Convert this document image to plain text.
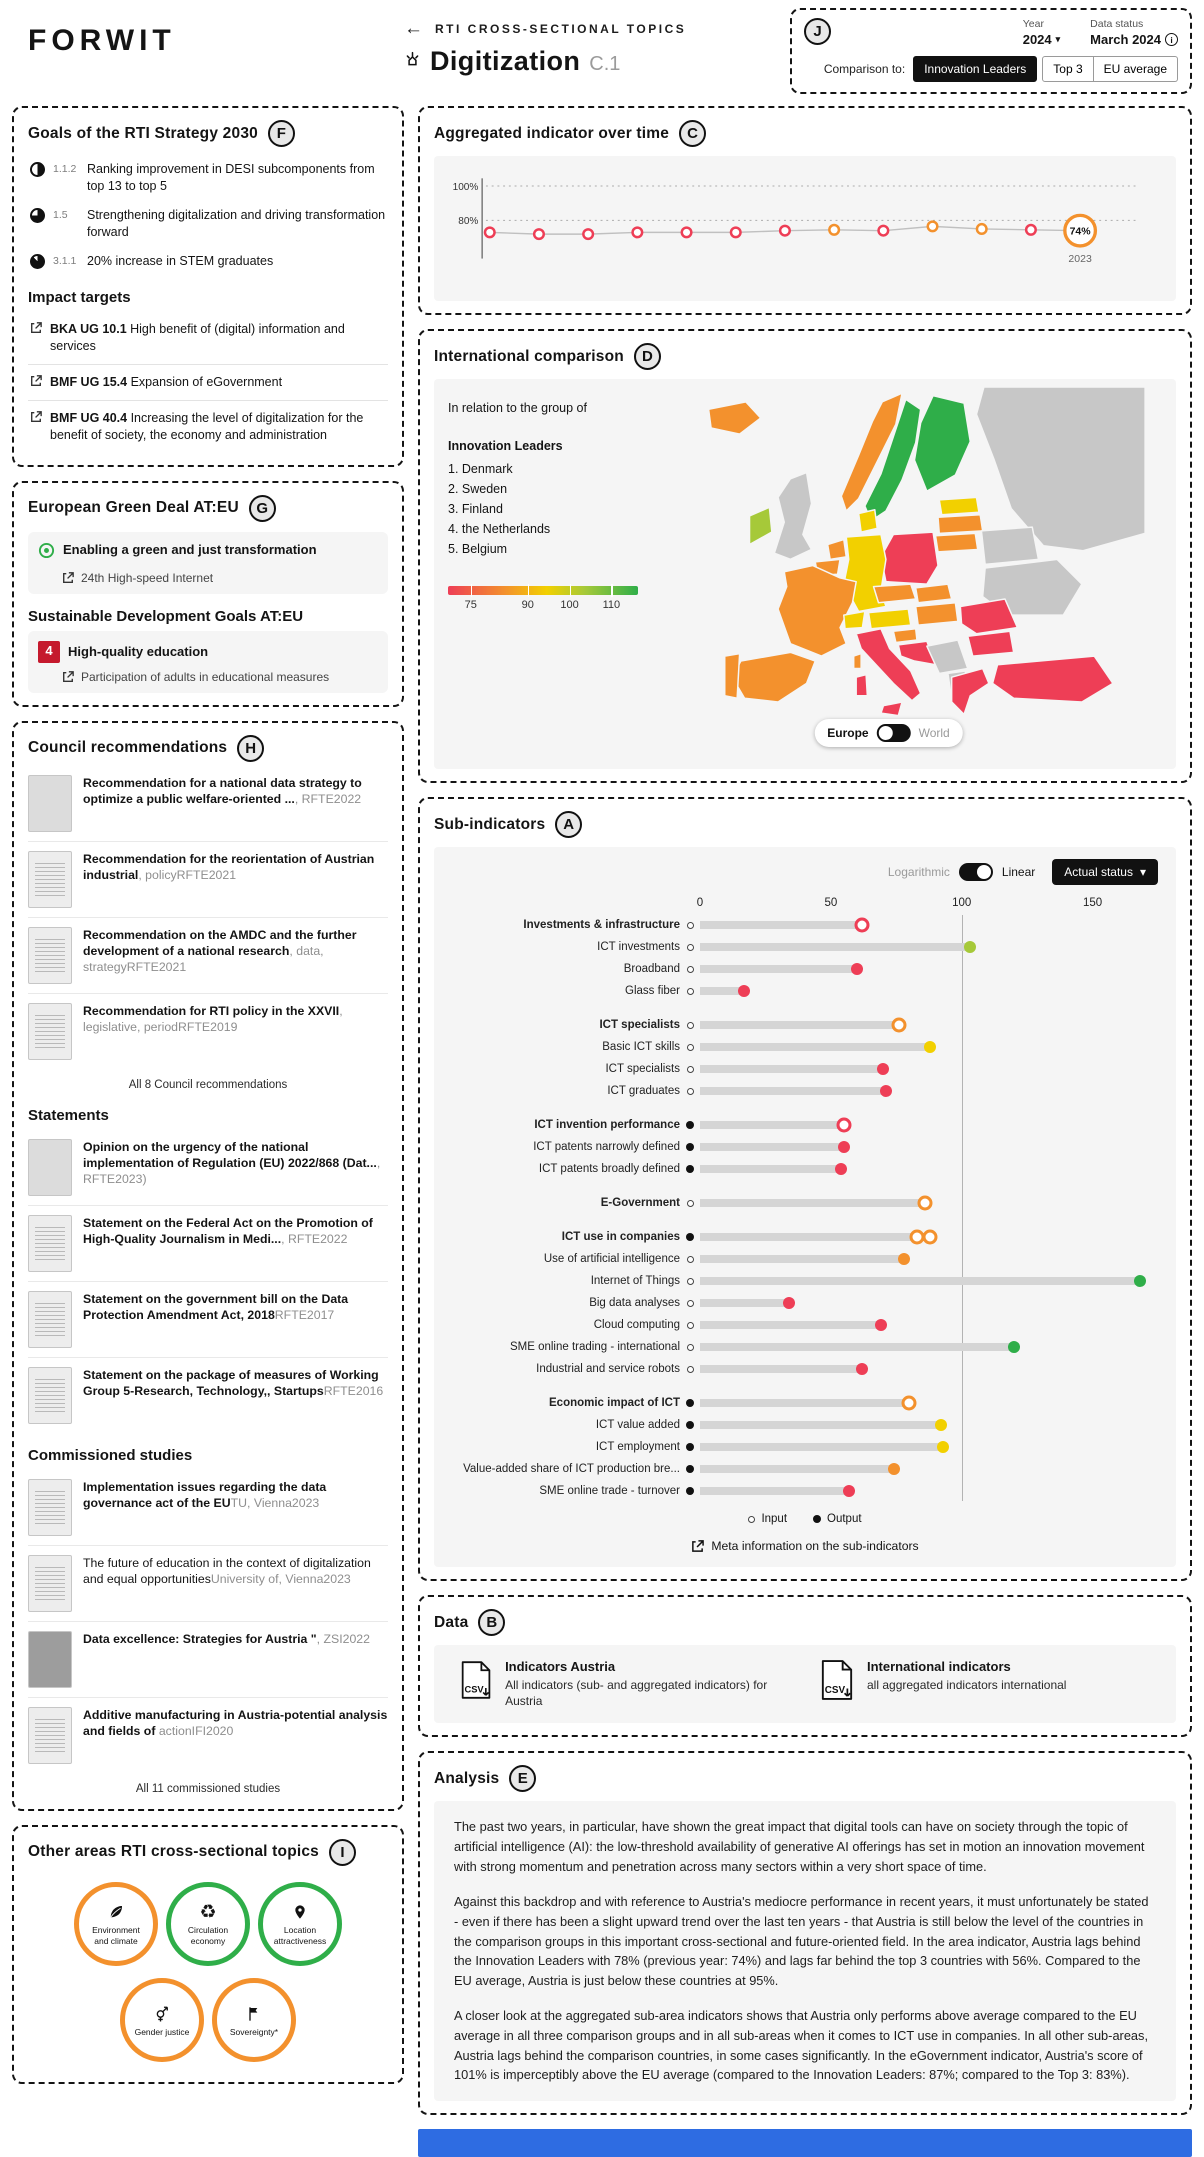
FORWIT	← RTI CROSS-SECTIONAL TOPICS
Digitization C.1
J	Year
2024 ▾
Data status
March 2024	i
Comparison to:	Innovation Leaders	Top 3	EU average
Goals of the RTI Strategy 2030	F
1.1.2 Ranking improvement in DESI subcomponents from top 13 to top 5
1.5	Strengthening digitalization and driving transformation forward
3.1.1 20% increase in STEM graduates
Impact targets
BKA UG 10.1 High benefit of (digital) information and services
BMF UG 15.4 Expansion of eGovernment
BMF UG 40.4 Increasing the level of digitalization for the benefit of society, the economy and administration
European Green Deal AT:EU	G
Enabling a green and just transformation
24th High-speed Internet
Sustainable Development Goals AT:EU
4	High-quality education
Participation of adults in educational measures
Council recommendations	H
Recommendation for a national data strategy to optimize a public welfare-oriented ..., RFTE2022
Recommendation for the reorientation of Austrian industrial, policyRFTE2021
Recommendation on the AMDC and the further development of a national research, data, strategyRFTE2021
Recommendation for RTI policy in the XXVII, legislative, periodRFTE2019
All 8 Council recommendations
Statements
Opinion on the urgency of the national implementation of Regulation (EU) 2022/868 (Dat..., RFTE2023)
Statement on the Federal Act on the Promotion of High-Quality Journalism in Medi..., RFTE2022
Statement on the government bill on the Data Protection Amendment Act, 2018RFTE2017
Statement on the package of measures of Working Group 5-Research, Technology,, StartupsRFTE2016
Commissioned studies
Implementation issues regarding the data governance act of the EUTU, Vienna2023
The future of education in the context of digitalization and equal opportunitiesUniversity of, Vienna2023
Data excellence: Strategies for Austria ", ZSI2022
Additive manufacturing in Austria-potential analysis and fields of actionIFI2020
All 11 commissioned studies
Other areas RTI cross-sectional topics	I
Environment and climate
♻
Circulation economy
Location attractiveness
Gender justice	Sovereignty*
Aggregated indicator over time	C
100%
80%
74%
2023
International comparison	D
In relation to the group of
Innovation Leaders
1. Denmark
2. Sweden
3. Finland
4. the Netherlands
5. Belgium
75	90 100 110
Europe	World
Sub-indicators	A
Logarithmic	Linear Actual status ▾
0	50	100	150
Investments & infrastructure
ICT investments
Broadband
Glass fiber
ICT specialists
Basic ICT skills
ICT specialists
ICT graduates
ICT invention performance
ICT patents narrowly defined
ICT patents broadly defined
E-Government
ICT use in companies
Use of artificial intelligence
Internet of Things
Big data analyses
Cloud computing
SME online trading - international
Industrial and service robots
Economic impact of ICT
ICT value added
ICT employment
Value-added share of ICT production bre...
SME online trade - turnover
Input	Output
Meta information on the sub-indicators
Data	B
CSV
Indicators Austria
All indicators (sub- and aggregated indicators) for Austria
CSV
International indicators
all aggregated indicators international
Analysis	E

The past two years, in particular, have shown the great impact that digital tools can have on society through the topic of artificial intelligence (AI): the low-threshold availability of generative AI offerings has set in motion an innovation movement with strong momentum and penetration across many sectors within a very short space of time.

Against this backdrop and with reference to Austria's mediocre performance in recent years, it must unfortunately be stated - even if there has been a slight upward trend over the last ten years - that Austria is still below the level of the countries in the comparison groups in this important cross-sectional and future-oriented field. In the area indicator, Austria lags behind the Innovation Leaders with 78% (previous year: 74%) and lags far behind the top 3 countries with 56%. Compared to the EU average, Austria is just below these countries at 95%.

A closer look at the aggregated sub-area indicators shows that Austria only performs above average compared to the EU average in all three comparison groups and in all sub-areas when it comes to ICT use in companies. In all other sub-areas, Austria lags behind the comparison countries, in some cases significantly. In the eGovernment indicator, Austria's score of 101% is imperceptibly above the EU average (compared to the Innovation Leaders: 87%; compared to the Top 3: 83%).
